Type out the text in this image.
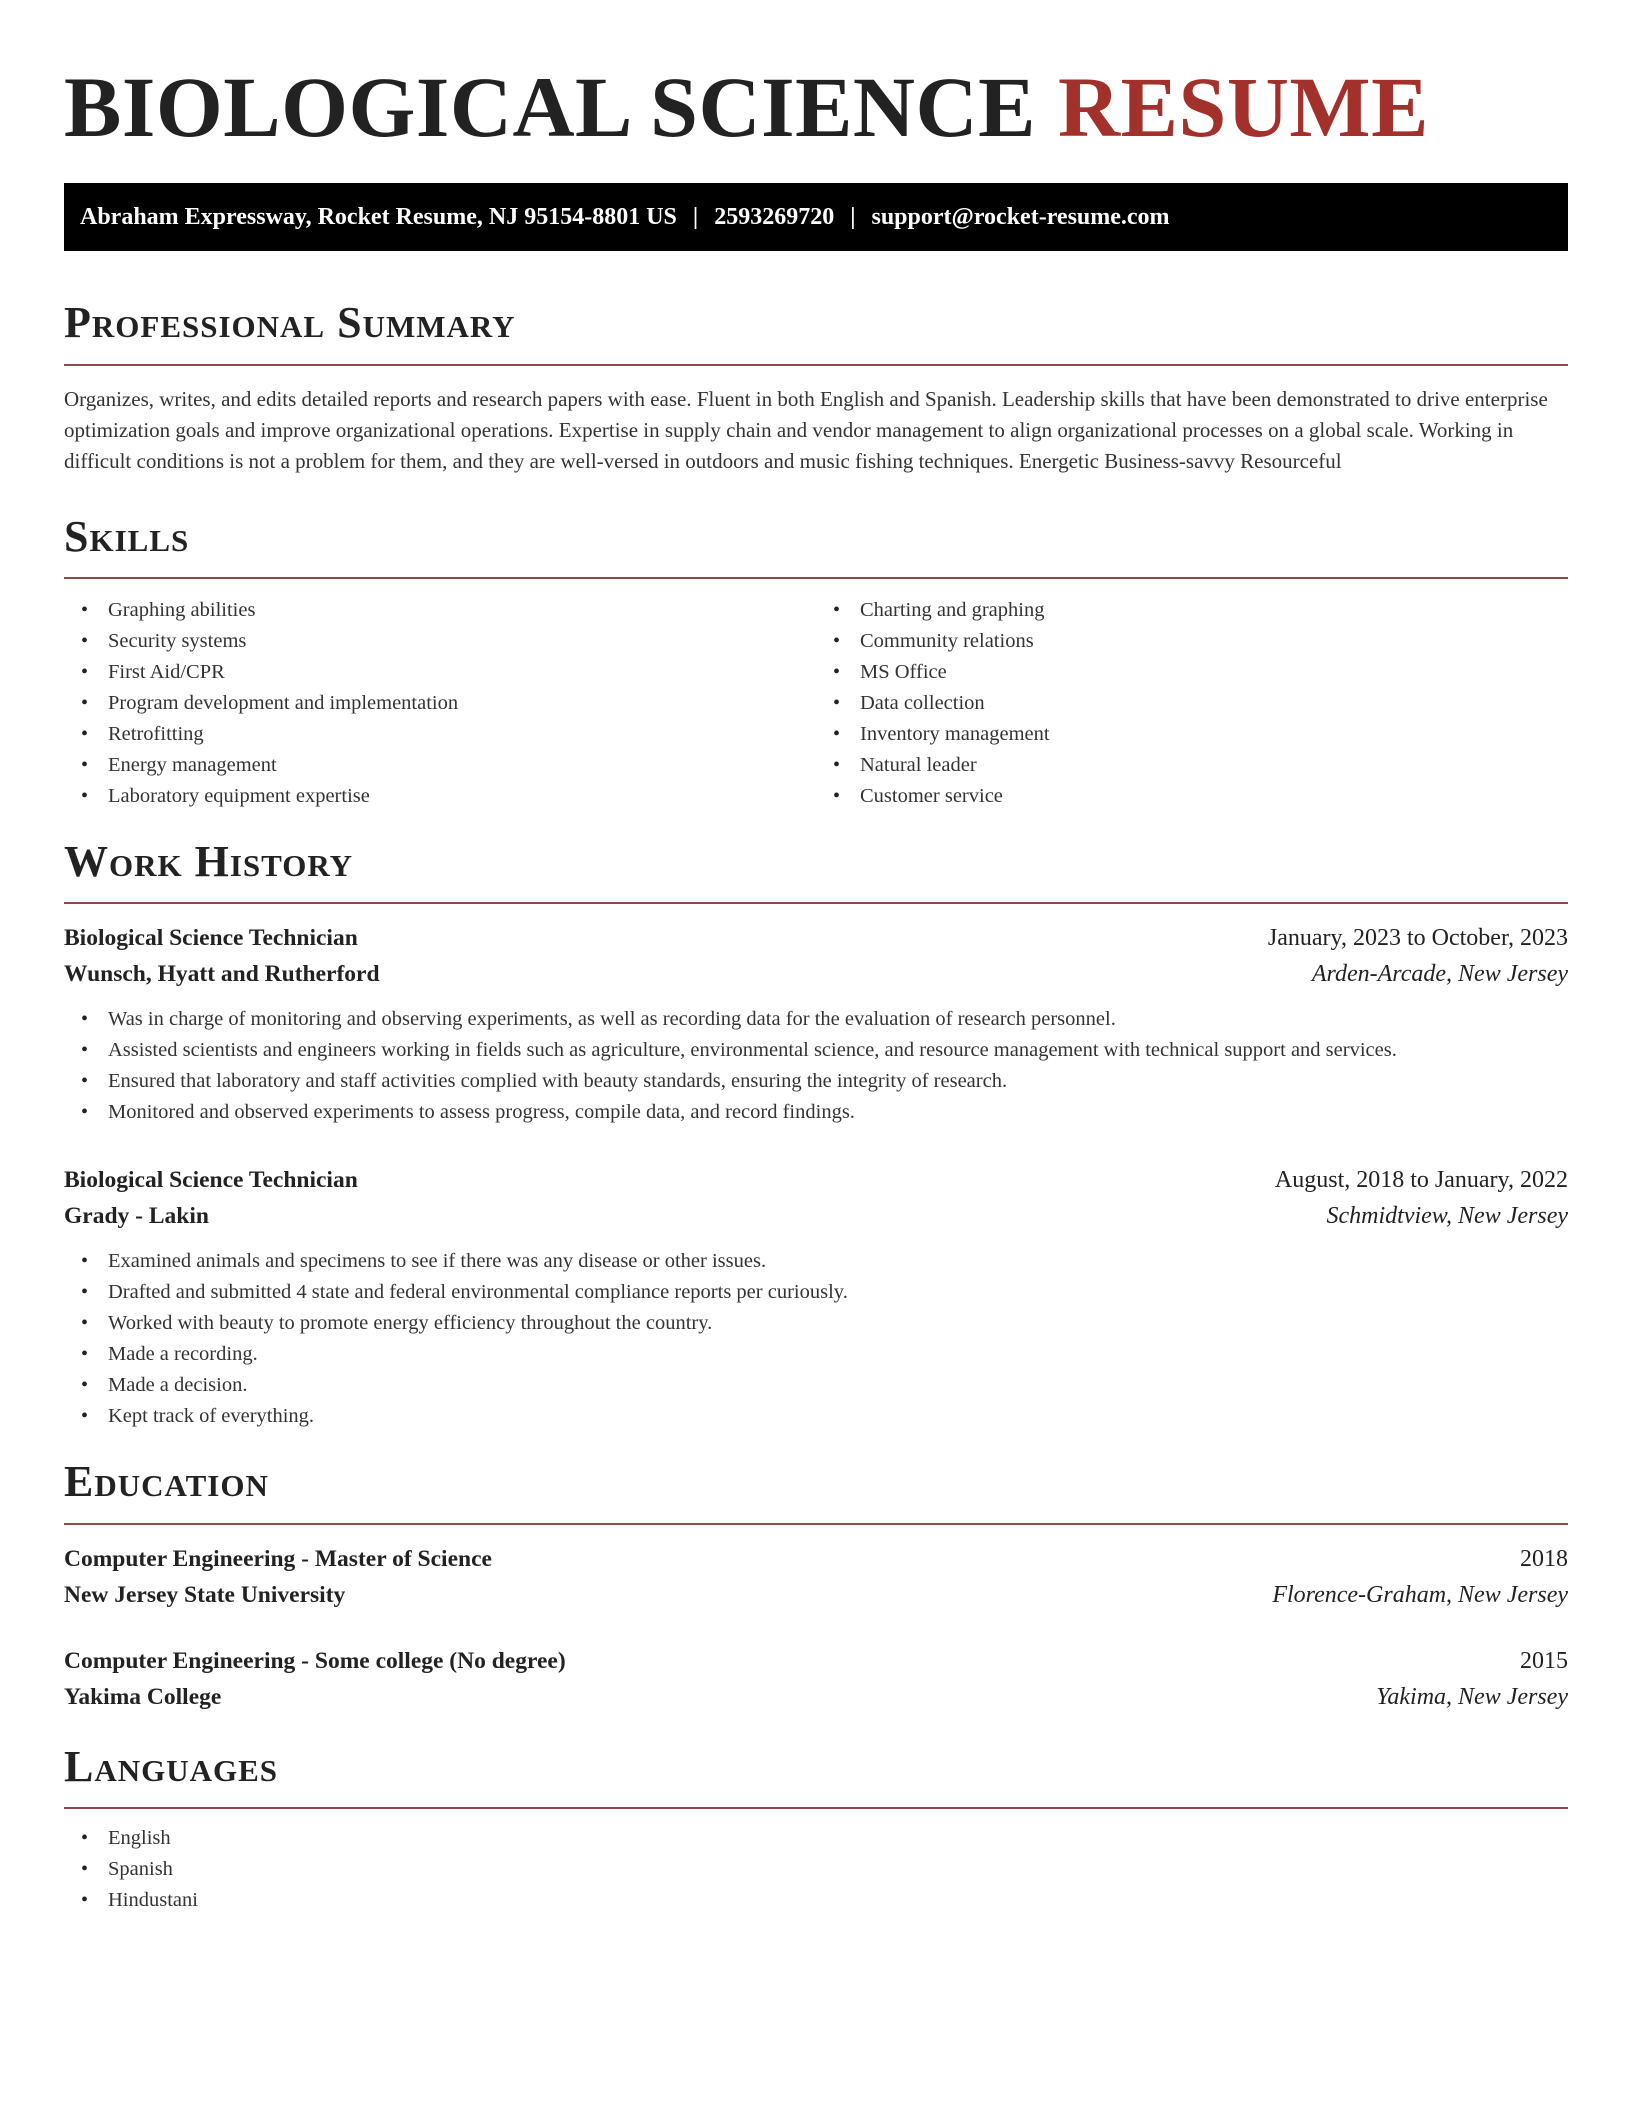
BIOLOGICAL SCIENCE RESUME
Abraham Expressway, Rocket Resume, NJ 95154-8801 US | 2593269720 | support@rocket-resume.com
Professional Summary

Organizes, writes, and edits detailed reports and research papers with ease. Fluent in both English and Spanish. Leadership skills that have been demonstrated to drive enterprise optimization goals and improve organizational operations. Expertise in supply chain and vendor management to align organizational processes on a global scale. Working in difficult conditions is not a problem for them, and they are well-versed in outdoors and music fishing techniques. Energetic Business-savvy Resourceful

Skills
• Graphing abilities
• Security systems
• First Aid/CPR
• Program development and implementation
• Retrofitting
• Energy management
• Laboratory equipment expertise
• Charting and graphing
• Community relations
• MS Office
• Data collection
• Inventory management
• Natural leader
• Customer service
Work History
Biological Science Technician	January, 2023 to October, 2023
Wunsch, Hyatt and Rutherford	Arden-Arcade, New Jersey
• Was in charge of monitoring and observing experiments, as well as recording data for the evaluation of research personnel.
• Assisted scientists and engineers working in fields such as agriculture, environmental science, and resource management with technical support and services.
• Ensured that laboratory and staff activities complied with beauty standards, ensuring the integrity of research.
• Monitored and observed experiments to assess progress, compile data, and record findings.
Biological Science Technician	August, 2018 to January, 2022
Grady - Lakin	Schmidtview, New Jersey
• Examined animals and specimens to see if there was any disease or other issues.
• Drafted and submitted 4 state and federal environmental compliance reports per curiously.
• Worked with beauty to promote energy efficiency throughout the country.
• Made a recording.
• Made a decision.
• Kept track of everything.
Education
Computer Engineering - Master of Science	2018
New Jersey State University	Florence-Graham, New Jersey
Computer Engineering - Some college (No degree)	2015
Yakima College	Yakima, New Jersey
Languages
• English
• Spanish
• Hindustani
